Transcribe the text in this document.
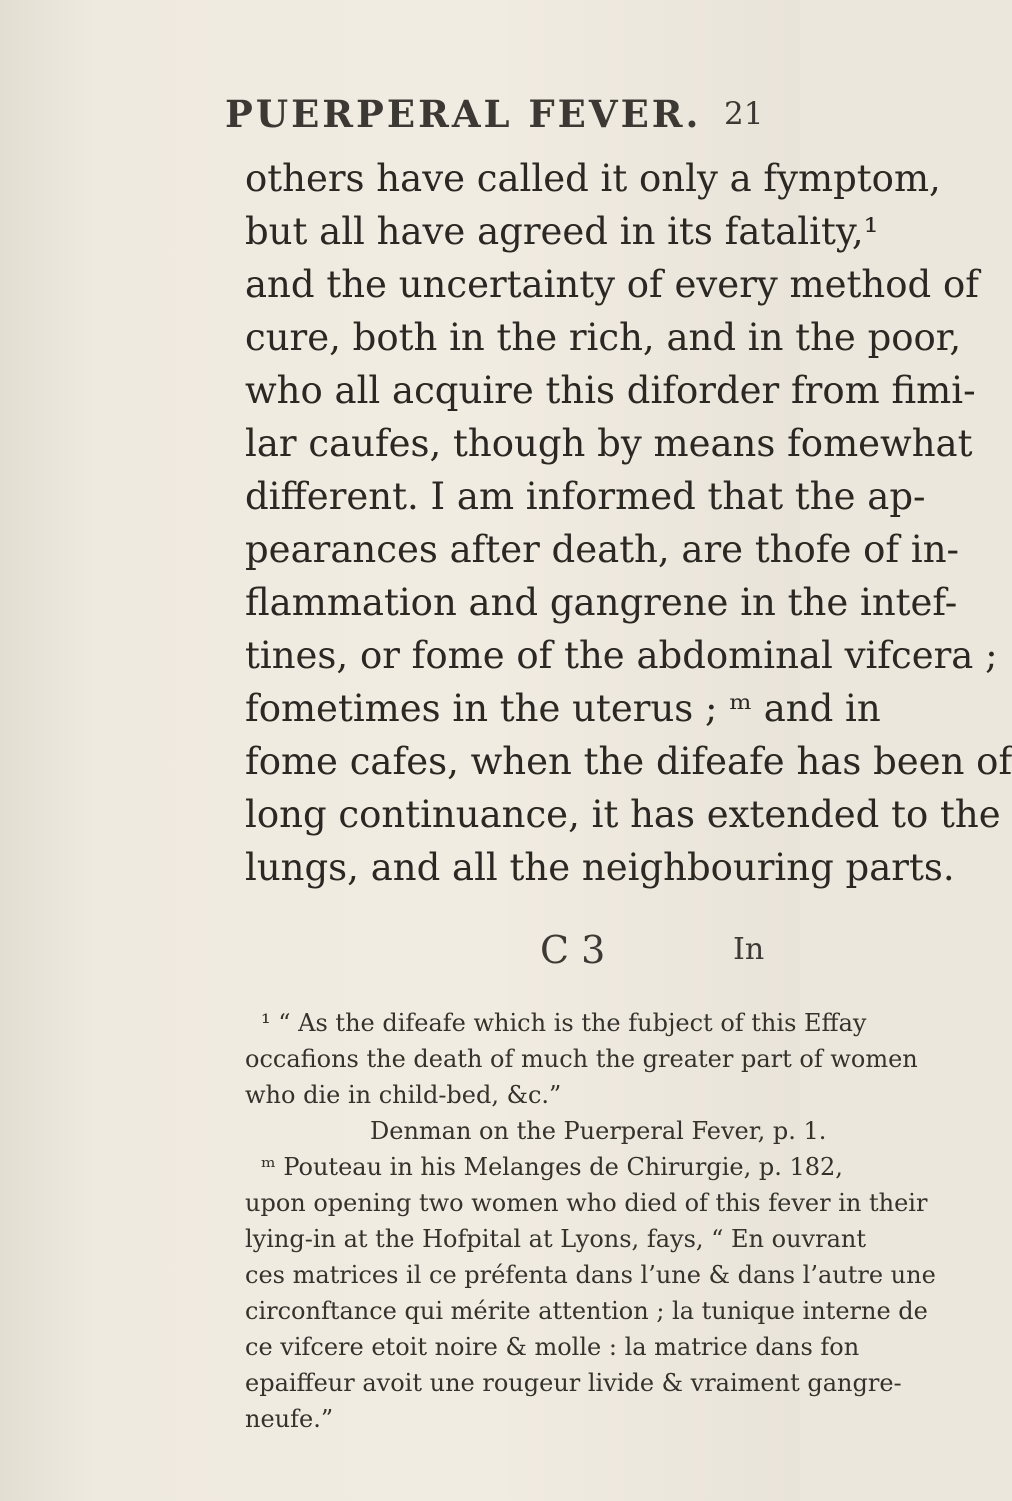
PUERPERAL FEVER. 21
others have called it only a fymptom,
but all have agreed in its fatality,¹
and the uncertainty of every method of
cure, both in the rich, and in the poor,
who all acquire this diforder from fimi-
lar caufes, though by means fomewhat
different. I am informed that the ap-
pearances after death, are thofe of in-
flammation and gangrene in the intef-
tines, or fome of the abdominal vifcera ;
fometimes in the uterus ; ᵐ and in
fome cafes, when the difeafe has been of
long continuance, it has extended to the
lungs, and all the neighbouring parts.
C 3	In
¹ “ As the difeafe which is the fubject of this Effay
occafions the death of much the greater part of women
who die in child-bed, &c.”
Denman on the Puerperal Fever, p. 1.
ᵐ Pouteau in his Melanges de Chirurgie, p. 182,
upon opening two women who died of this fever in their
lying-in at the Hofpital at Lyons, fays, “ En ouvrant
ces matrices il ce préfenta dans l’une & dans l’autre une
circonftance qui mérite attention ; la tunique interne de
ce vifcere etoit noire & molle : la matrice dans fon
epaiffeur avoit une rougeur livide & vraiment gangre-
neufe.”
